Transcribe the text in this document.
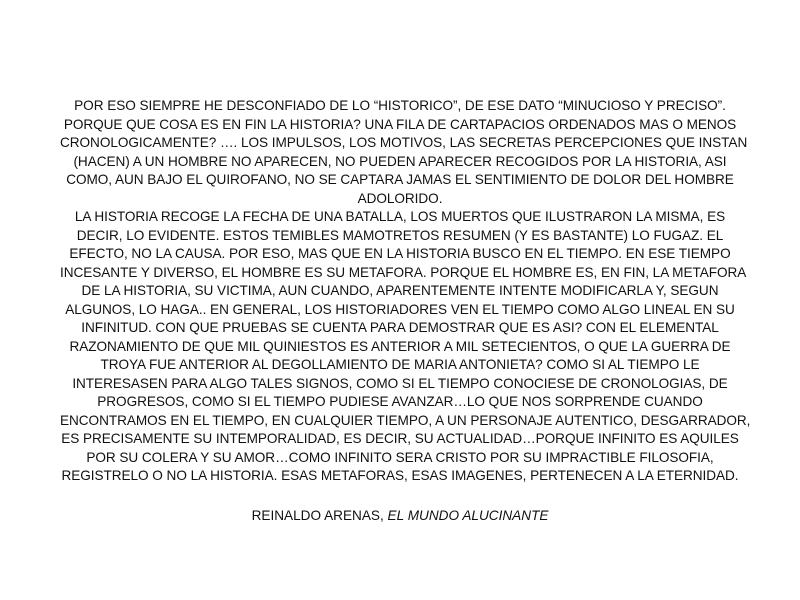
POR ESO SIEMPRE HE DESCONFIADO DE LO “HISTORICO”, DE ESE DATO “MINUCIOSO Y PRECISO”.
PORQUE QUE COSA ES EN FIN LA HISTORIA? UNA FILA DE CARTAPACIOS ORDENADOS MAS O MENOS
CRONOLOGICAMENTE? …. LOS IMPULSOS, LOS MOTIVOS, LAS SECRETAS PERCEPCIONES QUE INSTAN
(HACEN) A UN HOMBRE NO APARECEN, NO PUEDEN APARECER RECOGIDOS POR LA HISTORIA, ASI
COMO, AUN BAJO EL QUIROFANO, NO SE CAPTARA JAMAS EL SENTIMIENTO DE DOLOR DEL HOMBRE
ADOLORIDO.
LA HISTORIA RECOGE LA FECHA DE UNA BATALLA, LOS MUERTOS QUE ILUSTRARON LA MISMA, ES
DECIR, LO EVIDENTE. ESTOS TEMIBLES MAMOTRETOS RESUMEN (Y ES BASTANTE) LO FUGAZ. EL
EFECTO, NO LA CAUSA. POR ESO, MAS QUE EN LA HISTORIA BUSCO EN EL TIEMPO. EN ESE TIEMPO
INCESANTE Y DIVERSO, EL HOMBRE ES SU METAFORA. PORQUE EL HOMBRE ES, EN FIN, LA METAFORA
DE LA HISTORIA, SU VICTIMA, AUN CUANDO, APARENTEMENTE INTENTE MODIFICARLA Y, SEGUN
ALGUNOS, LO HAGA.. EN GENERAL, LOS HISTORIADORES VEN EL TIEMPO COMO ALGO LINEAL EN SU
INFINITUD. CON QUE PRUEBAS SE CUENTA PARA DEMOSTRAR QUE ES ASI? CON EL ELEMENTAL
RAZONAMIENTO DE QUE MIL QUINIESTOS ES ANTERIOR A MIL SETECIENTOS, O QUE LA GUERRA DE
TROYA FUE ANTERIOR AL DEGOLLAMIENTO DE MARIA ANTONIETA? COMO SI AL TIEMPO LE
INTERESASEN PARA ALGO TALES SIGNOS, COMO SI EL TIEMPO CONOCIESE DE CRONOLOGIAS, DE
PROGRESOS, COMO SI EL TIEMPO PUDIESE AVANZAR…LO QUE NOS SORPRENDE CUANDO
ENCONTRAMOS EN EL TIEMPO, EN CUALQUIER TIEMPO, A UN PERSONAJE AUTENTICO, DESGARRADOR,
ES PRECISAMENTE SU INTEMPORALIDAD, ES DECIR, SU ACTUALIDAD…PORQUE INFINITO ES AQUILES
POR SU COLERA Y SU AMOR…COMO INFINITO SERA CRISTO POR SU IMPRACTIBLE FILOSOFIA,
REGISTRELO O NO LA HISTORIA. ESAS METAFORAS, ESAS IMAGENES, PERTENECEN A LA ETERNIDAD.
REINALDO ARENAS, EL MUNDO ALUCINANTE
